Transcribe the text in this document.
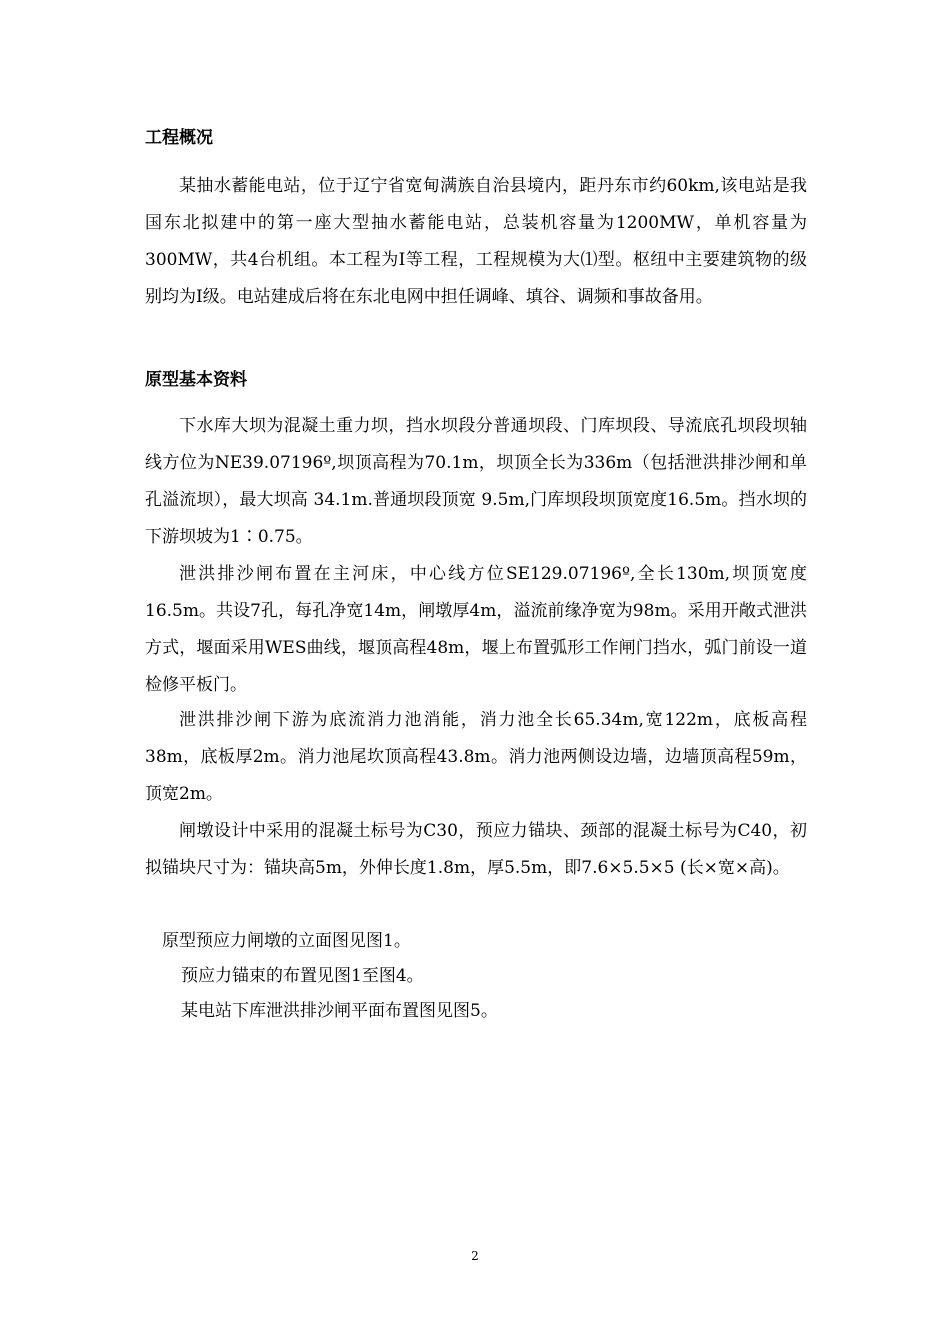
工程概况

某抽水蓄能电站，位于辽宁省宽甸满族自治县境内，距丹东市约60km,该电站是我国东北拟建中的第一座大型抽水蓄能电站，总装机容量为1200MW，单机容量为300MW，共4台机组。本工程为I等工程，工程规模为大⑴型。枢纽中主要建筑物的级别均为I级。电站建成后将在东北电网中担任调峰、填谷、调频和事故备用。

原型基本资料

下水库大坝为混凝土重力坝，挡水坝段分普通坝段、门库坝段、导流底孔坝段坝轴线方位为NE39.07196º,坝顶高程为70.1m，坝顶全长为336m（包括泄洪排沙闸和单孔溢流坝），最大坝高 34.1m.普通坝段顶宽 9.5m,门库坝段坝顶宽度16.5m。挡水坝的下游坝坡为1∶0.75。

泄洪排沙闸布置在主河床，中心线方位SE129.07196º,全长130m,坝顶宽度16.5m。共设7孔，每孔净宽14m，闸墩厚4m，溢流前缘净宽为98m。采用开敞式泄洪方式，堰面采用WES曲线，堰顶高程48m，堰上布置弧形工作闸门挡水，弧门前设一道检修平板门。

泄洪排沙闸下游为底流消力池消能，消力池全长65.34m,宽122m，底板高程38m，底板厚2m。消力池尾坎顶高程43.8m。消力池两侧设边墙，边墙顶高程59m，顶宽2m。

闸墩设计中采用的混凝土标号为C30，预应力锚块、颈部的混凝土标号为C40，初拟锚块尺寸为：锚块高5m，外伸长度1.8m，厚5.5m，即7.6×5.5×5 (长×宽×高)。

原型预应力闸墩的立面图见图1。

预应力锚束的布置见图1至图4。

某电站下库泄洪排沙闸平面布置图见图5。

2
